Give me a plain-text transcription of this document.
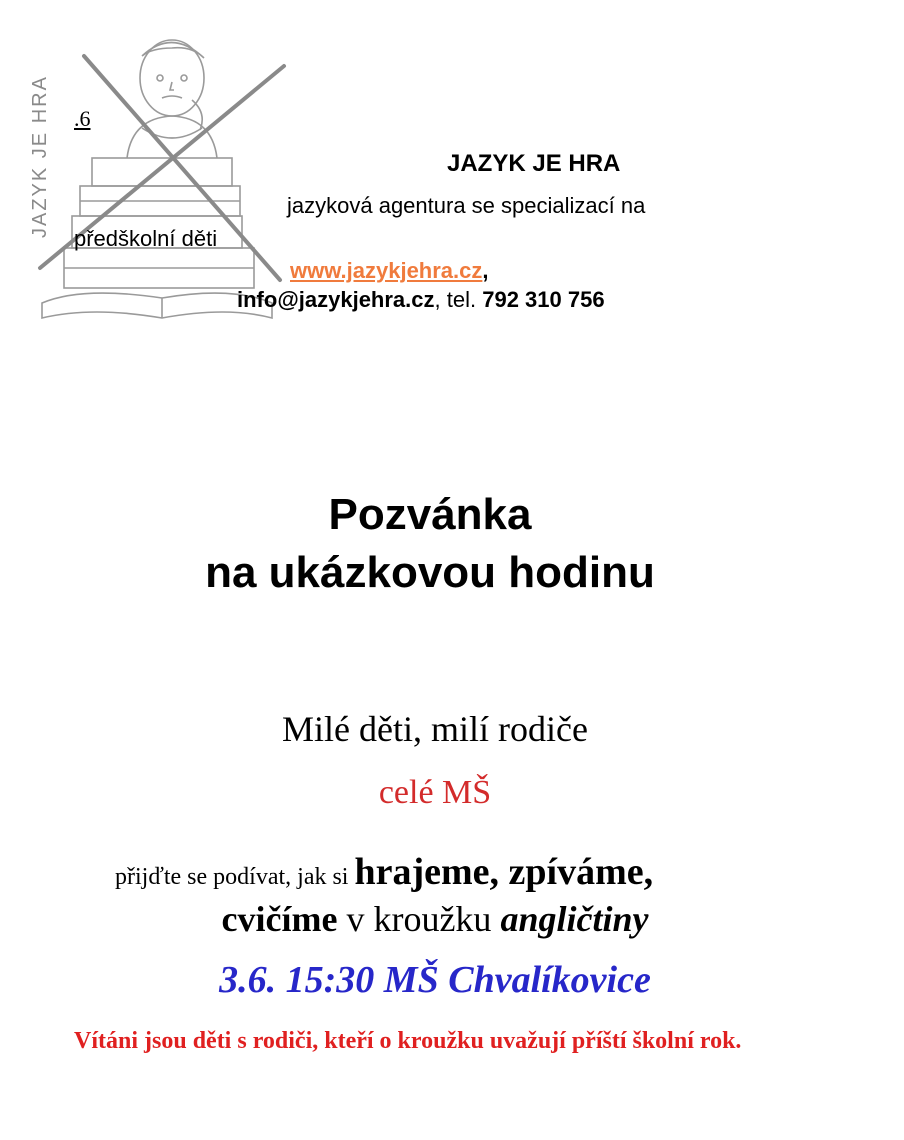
JAZYK JE HRA .6
JAZYK JE HRA
jazyková agentura se specializací na
předškolní děti
www.jazykjehra.cz,
info@jazykjehra.cz, tel. 792 310 756
Pozvánka
na ukázkovou hodinu
Milé děti, milí rodiče
celé MŠ
přijďte se podívat, jak si hrajeme, zpíváme,
cvičíme v kroužku angličtiny
3.6. 15:30 MŠ Chvalíkovice
Vítáni jsou děti s rodiči, kteří o kroužku uvažují příští školní rok.
